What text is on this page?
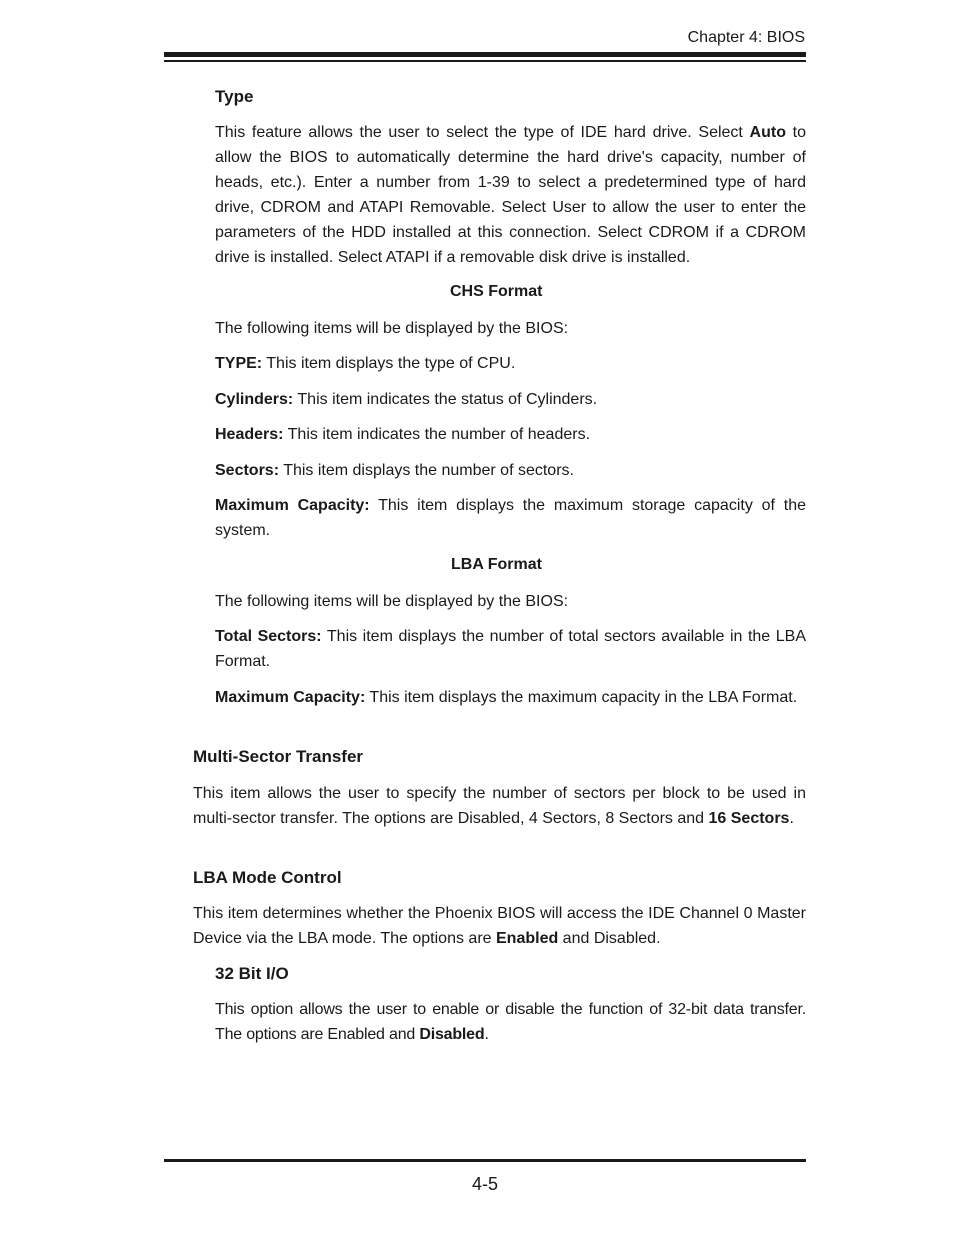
Chapter 4: BIOS
Type
This feature allows the user to select the type of IDE hard drive. Select Auto to allow the BIOS to automatically determine the hard drive's capacity, number of heads, etc.). Enter a number from 1-39 to select a predetermined type of hard drive, CDROM and ATAPI Removable. Select User to allow the user to enter the parameters of the HDD installed at this connection. Select CDROM if a CDROM drive is installed. Select ATAPI if a removable disk drive is installed.
CHS Format
The following items will be displayed by the BIOS:
TYPE: This item displays the type of CPU.
Cylinders: This item indicates the status of Cylinders.
Headers: This item indicates the number of headers.
Sectors: This item displays the number of sectors.
Maximum Capacity: This item displays the maximum storage capacity of the system.
LBA Format
The following items will be displayed by the BIOS:
Total Sectors: This item displays the number of total sectors available in the LBA Format.
Maximum Capacity: This item displays the maximum capacity in the LBA Format.
Multi-Sector Transfer
This item allows the user to specify the number of sectors per block to be used in multi-sector transfer. The options are Disabled, 4 Sectors, 8 Sectors and 16 Sectors.
LBA Mode Control
This item determines whether the Phoenix BIOS will access the IDE Channel 0 Master Device via the LBA mode. The options are Enabled and Disabled.
32 Bit I/O
This option allows the user to enable or disable the function of 32-bit data transfer. The options are Enabled and Disabled.
4-5
